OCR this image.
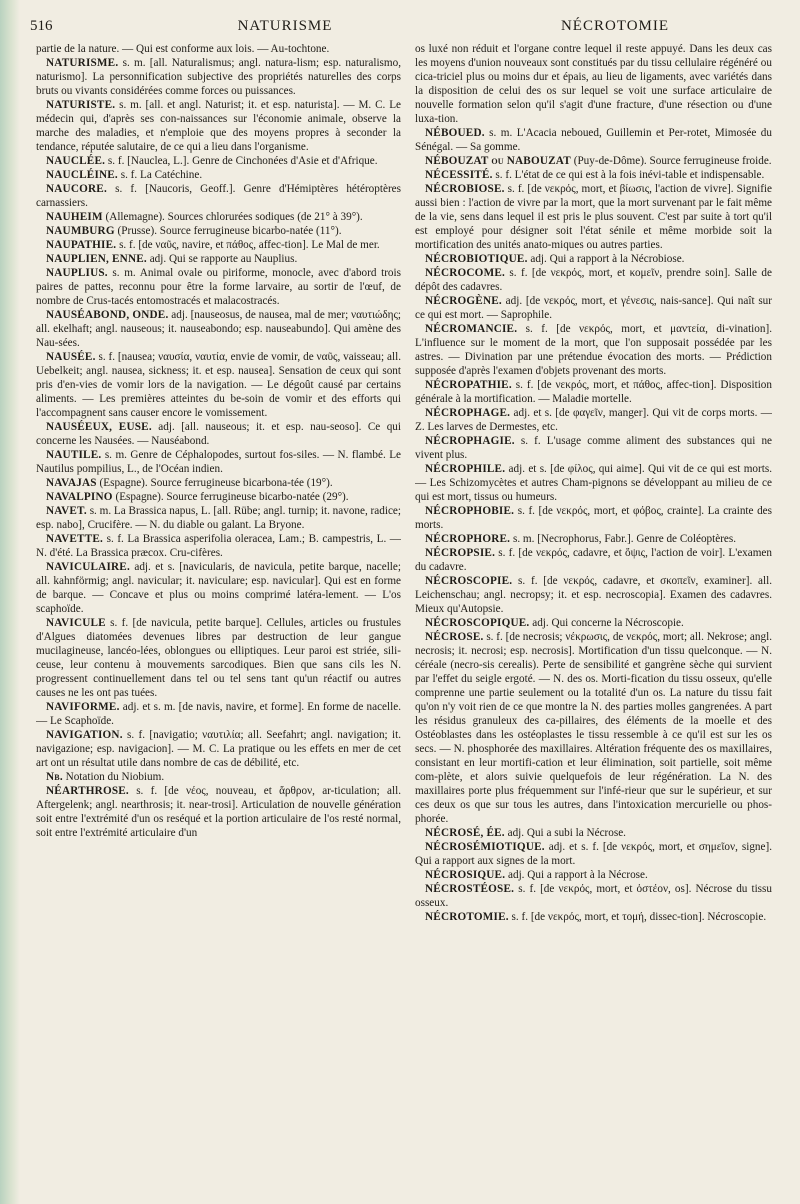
516	NATURISME	NÉCROTOMIE

partie de la nature. — Qui est conforme aux lois. — Au-tochtone.

NATURISME. s. m. [all. Naturalismus; angl. natura-lism; esp. naturalismo, naturismo]. La personnification subjective des propriétés naturelles des corps bruts ou vivants considérées comme forces ou puissances.

NATURISTE. s. m. [all. et angl. Naturist; it. et esp. naturista]. — M. C. Le médecin qui, d'après ses con-naissances sur l'économie animale, observe la marche des maladies, et n'emploie que des moyens propres à seconder la tendance, réputée salutaire, de ce qui a lieu dans l'organisme.

NAUCLÉE. s. f. [Nauclea, L.]. Genre de Cinchonées d'Asie et d'Afrique.

NAUCLÉINE. s. f. La Catéchine.

NAUCORE. s. f. [Naucoris, Geoff.]. Genre d'Hémiptères hétéroptères carnassiers.

NAUHEIM (Allemagne). Sources chlorurées sodiques (de 21° à 39°).

NAUMBURG (Prusse). Source ferrugineuse bicarbo-natée (11°).

NAUPATHIE. s. f. [de ναῦς, navire, et πάθος, affec-tion]. Le Mal de mer.

NAUPLIEN, ENNE. adj. Qui se rapporte au Nauplius.

NAUPLIUS. s. m. Animal ovale ou piriforme, monocle, avec d'abord trois paires de pattes, reconnu pour être la forme larvaire, au sortir de l'œuf, de nombre de Crus-tacés entomostracés et malacostracés.

NAUSÉABOND, ONDE. adj. [nauseosus, de nausea, mal de mer; ναυτιώδης; all. ekelhaft; angl. nauseous; it. nauseabondo; esp. nauseabundo]. Qui amène des Nau-sées.

NAUSÉE. s. f. [nausea; ναυσία, ναυτία, envie de vomir, de ναῦς, vaisseau; all. Uebelkeit; angl. nausea, sickness; it. et esp. nausea]. Sensation de ceux qui sont pris d'en-vies de vomir lors de la navigation. — Le dégoût causé par certains aliments. — Les premières atteintes du be-soin de vomir et des efforts qui l'accompagnent sans causer encore le vomissement.

NAUSÉEUX, EUSE. adj. [all. nauseous; it. et esp. nau-seoso]. Ce qui concerne les Nausées. — Nauséabond.

NAUTILE. s. m. Genre de Céphalopodes, surtout fos-siles. — N. flambé. Le Nautilus pompilius, L., de l'Océan indien.

NAVAJAS (Espagne). Source ferrugineuse bicarbona-tée (19°).

NAVALPINO (Espagne). Source ferrugineuse bicarbo-natée (29°).

NAVET. s. m. La Brassica napus, L. [all. Rübe; angl. turnip; it. navone, radice; esp. nabo], Crucifère. — N. du diable ou galant. La Bryone.

NAVETTE. s. f. La Brassica asperifolia oleracea, Lam.; B. campestris, L. — N. d'été. La Brassica præcox. Cru-cifères.

NAVICULAIRE. adj. et s. [navicularis, de navicula, petite barque, nacelle; all. kahnförmig; angl. navicular; it. naviculare; esp. navicular]. Qui est en forme de barque. — Concave et plus ou moins comprimé latéra-lement. — L'os scaphoïde.

NAVICULE s. f. [de navicula, petite barque]. Cellules, articles ou frustules d'Algues diatomées devenues libres par destruction de leur gangue mucilagineuse, lancéo-lées, oblongues ou elliptiques. Leur paroi est striée, sili-ceuse, leur contenu à mouvements sarcodiques. Bien que sans cils les N. progressent continuellement dans tel ou tel sens tant qu'un réactif ou autres causes ne les ont pas tuées.

NAVIFORME. adj. et s. m. [de navis, navire, et forme]. En forme de nacelle. — Le Scaphoïde.

NAVIGATION. s. f. [navigatio; ναυτιλία; all. Seefahrt; angl. navigation; it. navigazione; esp. navigacion]. — M. C. La pratique ou les effets en mer de cet art ont un résultat utile dans nombre de cas de débilité, etc.

Nb. Notation du Niobium.

NÉARTHROSE. s. f. [de νέος, nouveau, et ἄρθρον, ar-ticulation; all. Aftergelenk; angl. nearthrosis; it. near-trosi]. Articulation de nouvelle génération soit entre l'extrémité d'un os reséqué et la portion articulaire de l'os resté normal, soit entre l'extrémité articulaire d'un

os luxé non réduit et l'organe contre lequel il reste appuyé. Dans les deux cas les moyens d'union nouveaux sont constitués par du tissu cellulaire régénéré ou cica-triciel plus ou moins dur et épais, au lieu de ligaments, avec variétés dans la disposition de celui des os sur lequel se voit une surface articulaire de nouvelle formation selon qu'il s'agit d'une fracture, d'une résection ou d'une luxa-tion.

NÉBOUED. s. m. L'Acacia neboued, Guillemin et Per-rotet, Mimosée du Sénégal. — Sa gomme.

NÉBOUZAT ou NABOUZAT (Puy-de-Dôme). Source ferrugineuse froide.

NÉCESSITÉ. s. f. L'état de ce qui est à la fois inévi-table et indispensable.

NÉCROBIOSE. s. f. [de νεκρός, mort, et βίωσις, l'action de vivre]. Signifie aussi bien : l'action de vivre par la mort, que la mort survenant par le fait même de la vie, sens dans lequel il est pris le plus souvent. C'est par suite à tort qu'il est employé pour désigner soit l'état sénile et même morbide soit la mortification des unités anato-miques ou autres parties.

NÉCROBIOTIQUE. adj. Qui a rapport à la Nécrobiose.

NÉCROCOME. s. f. [de νεκρός, mort, et κομεῖν, prendre soin]. Salle de dépôt des cadavres.

NÉCROGÈNE. adj. [de νεκρός, mort, et γένεσις, nais-sance]. Qui naît sur ce qui est mort. — Saprophile.

NÉCROMANCIE. s. f. [de νεκρός, mort, et μαντεία, di-vination]. L'influence sur le moment de la mort, que l'on supposait possédée par les astres. — Divination par une prétendue évocation des morts. — Prédiction supposée d'après l'examen d'objets provenant des morts.

NÉCROPATHIE. s. f. [de νεκρός, mort, et πάθος, affec-tion]. Disposition générale à la mortification. — Maladie mortelle.

NÉCROPHAGE. adj. et s. [de φαγεῖν, manger]. Qui vit de corps morts. — Z. Les larves de Dermestes, etc.

NÉCROPHAGIE. s. f. L'usage comme aliment des substances qui ne vivent plus.

NÉCROPHILE. adj. et s. [de φίλος, qui aime]. Qui vit de ce qui est morts. — Les Schizomycètes et autres Cham-pignons se développant au milieu de ce qui est mort, tissus ou humeurs.

NÉCROPHOBIE. s. f. [de νεκρός, mort, et φόβος, crainte]. La crainte des morts.

NÉCROPHORE. s. m. [Necrophorus, Fabr.]. Genre de Coléoptères.

NÉCROPSIE. s. f. [de νεκρός, cadavre, et ὄψις, l'action de voir]. L'examen du cadavre.

NÉCROSCOPIE. s. f. [de νεκρός, cadavre, et σκοπεῖν, examiner]. all. Leichenschau; angl. necropsy; it. et esp. necroscopia]. Examen des cadavres. Mieux qu'Autopsie.

NÉCROSCOPIQUE. adj. Qui concerne la Nécroscopie.

NÉCROSE. s. f. [de necrosis; νέκρωσις, de νεκρός, mort; all. Nekrose; angl. necrosis; it. necrosi; esp. necrosis]. Mortification d'un tissu quelconque. — N. céréale (necro-sis cerealis). Perte de sensibilité et gangrène sèche qui survient par l'effet du seigle ergoté. — N. des os. Morti-fication du tissu osseux, qu'elle comprenne une partie seulement ou la totalité d'un os. La nature du tissu fait qu'on n'y voit rien de ce que montre la N. des parties molles gangrenées. A part les résidus granuleux des ca-pillaires, des éléments de la moelle et des Ostéoblastes dans les ostéoplastes le tissu ressemble à ce qu'il est sur les os secs. — N. phosphorée des maxillaires. Altération fréquente des os maxillaires, consistant en leur mortifi-cation et leur élimination, soit partielle, soit même com-plète, et alors suivie quelquefois de leur régénération. La N. des maxillaires porte plus fréquemment sur l'infé-rieur que sur le supérieur, et sur ces deux os que sur tous les autres, dans l'intoxication mercurielle ou phos-phorée.

NÉCROSÉ, ÉE. adj. Qui a subi la Nécrose.

NÉCROSÉMIOTIQUE. adj. et s. f. [de νεκρός, mort, et σημεῖον, signe]. Qui a rapport aux signes de la mort.

NÉCROSIQUE. adj. Qui a rapport à la Nécrose.

NÉCROSTÉOSE. s. f. [de νεκρός, mort, et ὀστέον, os]. Nécrose du tissu osseux.

NÉCROTOMIE. s. f. [de νεκρός, mort, et τομή, dissec-tion]. Nécroscopie.
